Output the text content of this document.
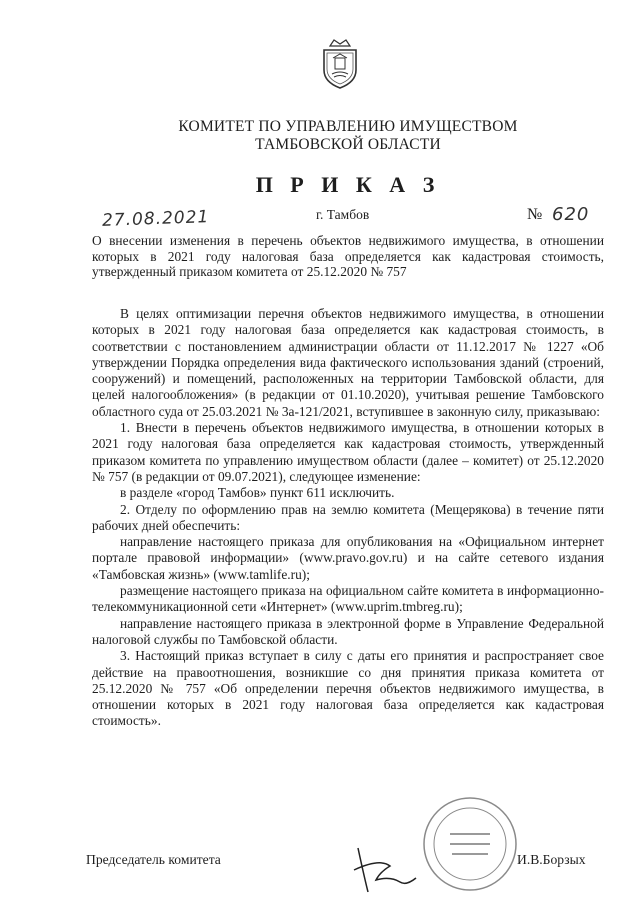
КОМИТЕТ ПО УПРАВЛЕНИЮ ИМУЩЕСТВОМ
ТАМБОВСКОЙ ОБЛАСТИ
П Р И К А З
27.08.2021	г. Тамбов	№ 620
О внесении изменения в перечень объектов недвижимого имущества, в отношении которых в 2021 году налоговая база определяется как кадастровая стоимость, утвержденный приказом комитета от 25.12.2020 № 757

В целях оптимизации перечня объектов недвижимого имущества, в отношении которых в 2021 году налоговая база определяется как кадастровая стоимость, в соответствии с постановлением администрации области от 11.12.2017 № 1227 «Об утверждении Порядка определения вида фактического использования зданий (строений, сооружений) и помещений, расположенных на территории Тамбовской области, для целей налогообложения» (в редакции от 01.10.2020), учитывая решение Тамбовского областного суда от 25.03.2021 № 3а-121/2021, вступившее в законную силу, приказываю:

1. Внести в перечень объектов недвижимого имущества, в отношении которых в 2021 году налоговая база определяется как кадастровая стоимость, утвержденный приказом комитета по управлению имуществом области (далее – комитет) от 25.12.2020 № 757 (в редакции от 09.07.2021), следующее изменение:

в разделе «город Тамбов» пункт 611 исключить.

2. Отделу по оформлению прав на землю комитета (Мещерякова) в течение пяти рабочих дней обеспечить:

направление настоящего приказа для опубликования на «Официальном интернет портале правовой информации» (www.pravo.gov.ru) и на сайте сетевого издания «Тамбовская жизнь» (www.tamlife.ru);

размещение настоящего приказа на официальном сайте комитета в информационно-телекоммуникационной сети «Интернет» (www.uprim.tmbreg.ru);

направление настоящего приказа в электронной форме в Управление Федеральной налоговой службы по Тамбовской области.

3. Настоящий приказ вступает в силу с даты его принятия и распространяет свое действие на правоотношения, возникшие со дня принятия приказа комитета от 25.12.2020 № 757 «Об определении перечня объектов недвижимого имущества, в отношении которых в 2021 году налоговая база определяется как кадастровая стоимость».

Председатель комитета	И.В.Борзых
